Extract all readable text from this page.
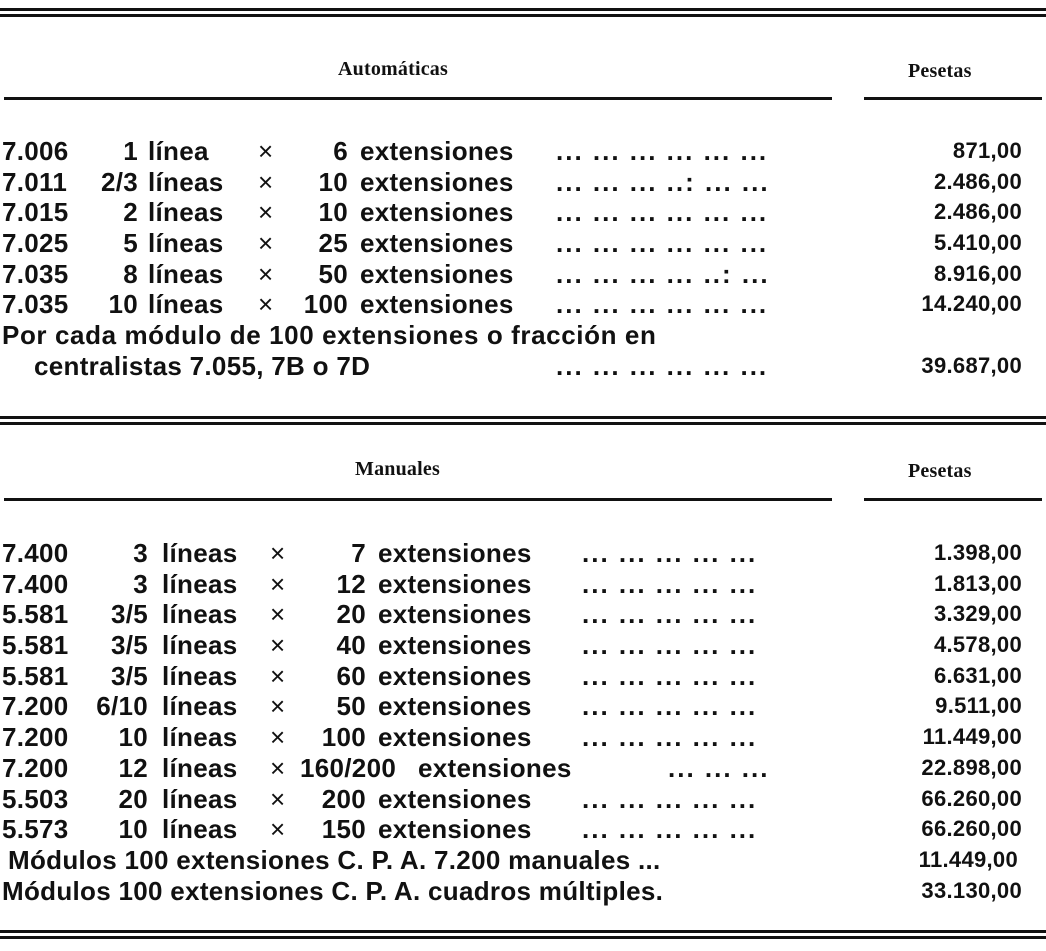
Automáticas	Pesetas
7.006	1 línea ×	6 extensiones ... ... ... ... ... ...	871,00
7.011	2/3 líneas ×	10 extensiones ... ... ... ..: ... ...	2.486,00
7.015	2 líneas ×	10 extensiones ... ... ... ... ... ...	2.486,00
7.025	5 líneas ×	25 extensiones ... ... ... ... ... ...	5.410,00
7.035	8 líneas ×	50 extensiones ... ... ... ... ..: ...	8.916,00
7.035	10 líneas ×	100 extensiones ... ... ... ... ... ...	14.240,00
Por cada módulo de 100 extensiones o fracción en
centralistas 7.055, 7B o 7D	... ... ... ... ... ...	39.687,00
Manuales	Pesetas
7.400	3 líneas ×	7 extensiones ... ... ... ... ...	1.398,00
7.400	3 líneas ×	12 extensiones ... ... ... ... ...	1.813,00
5.581	3/5 líneas ×	20 extensiones ... ... ... ... ...	3.329,00
5.581	3/5 líneas ×	40 extensiones ... ... ... ... ...	4.578,00
5.581	3/5 líneas ×	60 extensiones ... ... ... ... ...	6.631,00
7.200	6/10 líneas ×	50 extensiones ... ... ... ... ...	9.511,00
7.200	10 líneas ×	100 extensiones ... ... ... ... ...	11.449,00
7.200	12 líneas × 160/200 extensiones	... ... ...	22.898,00
5.503	20 líneas ×	200 extensiones ... ... ... ... ...	66.260,00
5.573	10 líneas ×	150 extensiones ... ... ... ... ...	66.260,00
Módulos 100 extensiones C. P. A. 7.200 manuales ...	11.449,00
Módulos 100 extensiones C. P. A. cuadros múltiples.	33.130,00
